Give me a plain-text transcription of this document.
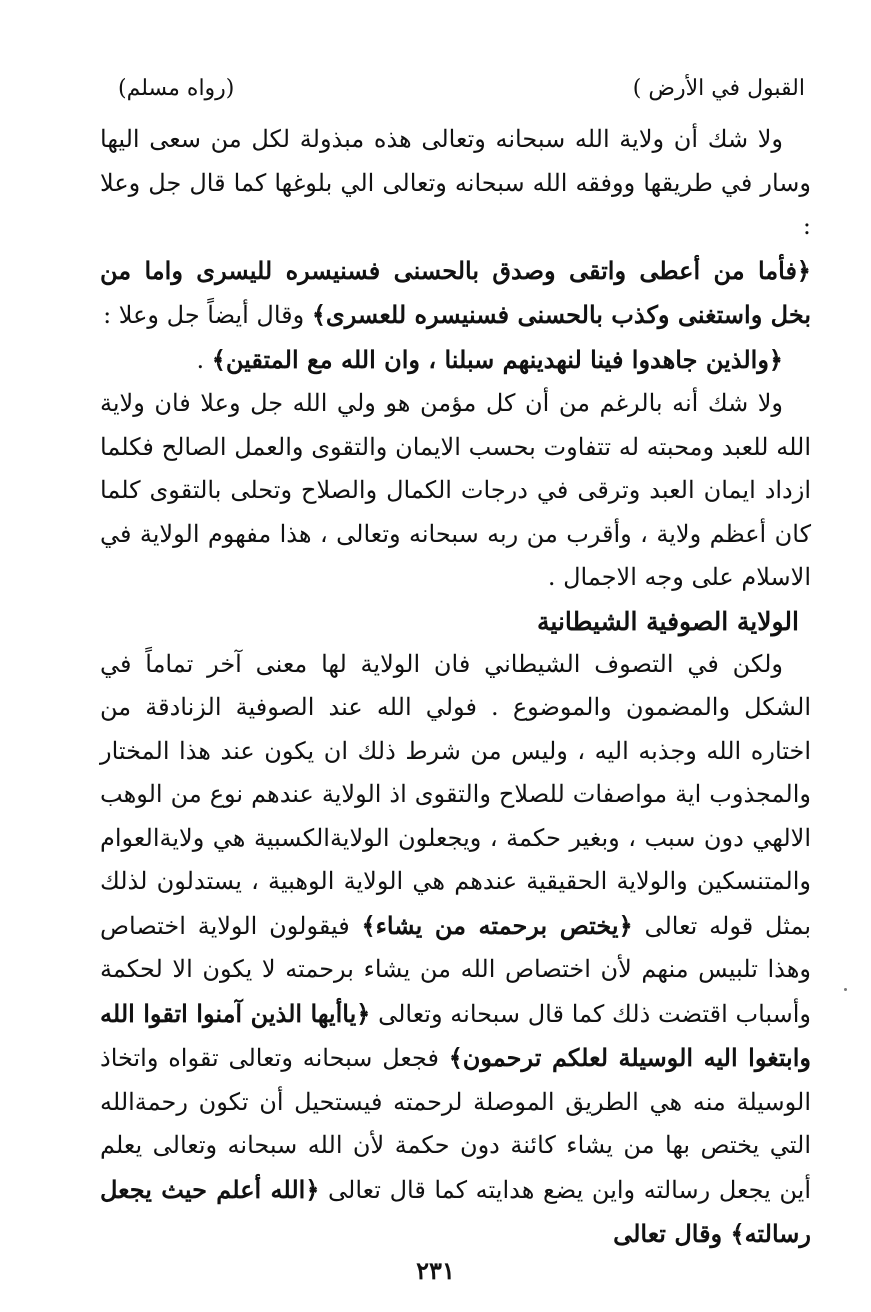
القبول في الأرض )
(رواه مسلم)

ولا شك أن ولاية الله سبحانه وتعالى هذه مبذولة لكل من سعى اليها وسار في طريقها ووفقه الله سبحانه وتعالى الي بلوغها كما قال جل وعلا :
﴿فأما من أعطى واتقى وصدق بالحسنى فسنيسره لليسرى واما من بخل واستغنى وكذب بالحسنى فسنيسره للعسرى﴾ وقال أيضاً جل وعلا :

﴿والذين جاهدوا فينا لنهدينهم سبلنا ، وان الله مع المتقين﴾ .

ولا شك أنه بالرغم من أن كل مؤمن هو ولي الله جل وعلا فان ولاية الله للعبد ومحبته له تتفاوت بحسب الايمان والتقوى والعمل الصالح فكلما ازداد ايمان العبد وترقى في درجات الكمال والصلاح وتحلى بالتقوى كلما كان أعظم ولاية ، وأقرب من ربه سبحانه وتعالى ، هذا مفهوم الولاية في الاسلام على وجه الاجمال .

الولاية الصوفية الشيطانية

ولكن في التصوف الشيطاني فان الولاية لها معنى آخر تماماً في الشكل والمضمون والموضوع . فولي الله عند الصوفية الزنادقة من اختاره الله وجذبه اليه ، وليس من شرط ذلك ان يكون عند هذا المختار والمجذوب اية مواصفات للصلاح والتقوى اذ الولاية عندهم نوع من الوهب الالهي دون سبب ، وبغير حكمة ، ويجعلون الولايةالكسبية هي ولايةالعوام والمتنسكين والولاية الحقيقية عندهم هي الولاية الوهبية ، يستدلون لذلك بمثل قوله تعالى ﴿يختص برحمته من يشاء﴾ فيقولون الولاية اختصاص وهذا تلبيس منهم لأن اختصاص الله من يشاء برحمته لا يكون الا لحكمة وأسباب اقتضت ذلك كما قال سبحانه وتعالى ﴿ياأيها الذين آمنوا اتقوا الله وابتغوا اليه الوسيلة لعلكم ترحمون﴾ فجعل سبحانه وتعالى تقواه واتخاذ الوسيلة منه هي الطريق الموصلة لرحمته فيستحيل أن تكون رحمةالله التي يختص بها من يشاء كائنة دون حكمة لأن الله سبحانه وتعالى يعلم أين يجعل رسالته واين يضع هدايته كما قال تعالى ﴿الله أعلم حيث يجعل رسالته﴾ وقال تعالى

٢٣١
